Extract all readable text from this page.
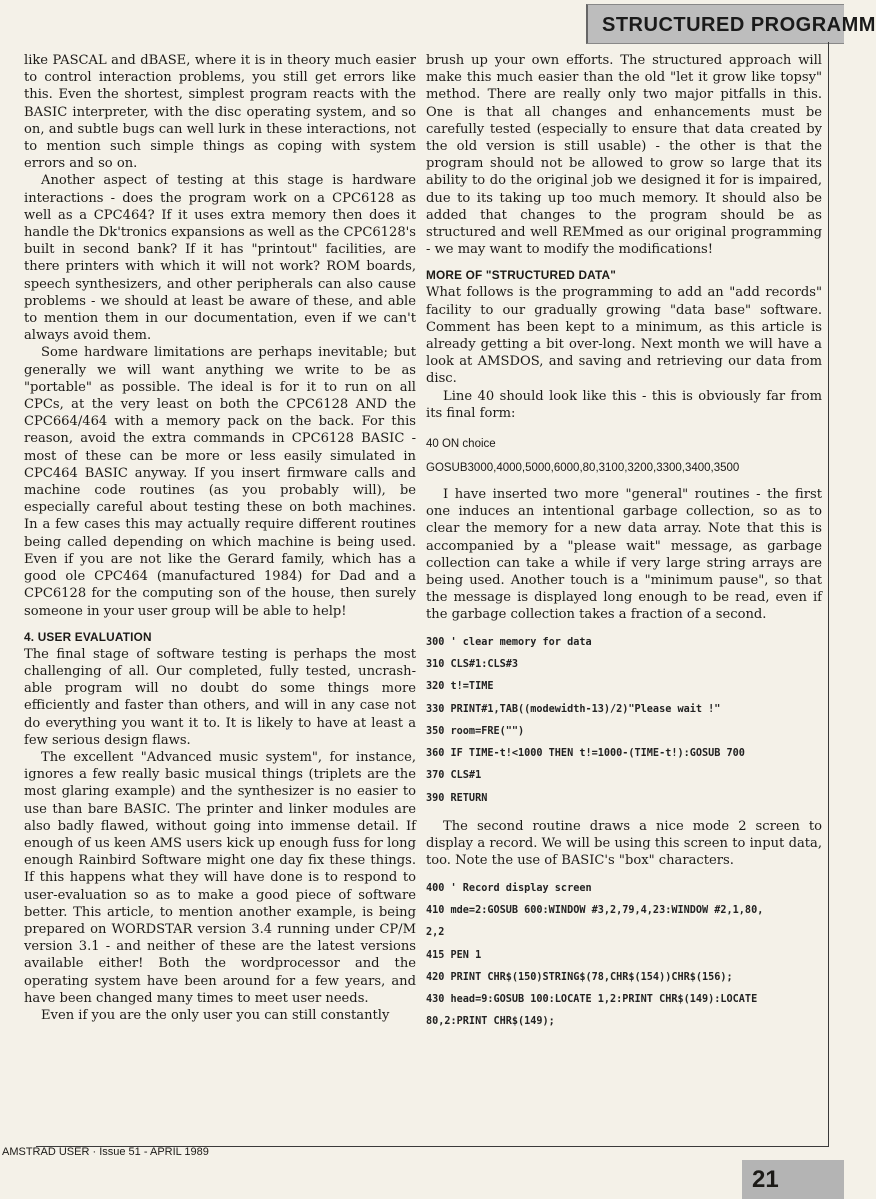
STRUCTURED PROGRAMM

like PASCAL and dBASE, where it is in theory much easier to control interaction problems, you still get errors like this. Even the shortest, simplest program reacts with the BASIC interpreter, with the disc operating system, and so on, and subtle bugs can well lurk in these interactions, not to mention such simple things as coping with system errors and so on.

Another aspect of testing at this stage is hardware interactions - does the program work on a CPC6128 as well as a CPC464? If it uses extra memory then does it handle the Dk'tronics expansions as well as the CPC6128's built in second bank? If it has "printout" facilities, are there printers with which it will not work? ROM boards, speech synthesizers, and other peripherals can also cause problems - we should at least be aware of these, and able to mention them in our documentation, even if we can't always avoid them.

Some hardware limitations are perhaps inevitable; but generally we will want anything we write to be as "portable" as possible. The ideal is for it to run on all CPCs, at the very least on both the CPC6128 AND the CPC664/464 with a memory pack on the back. For this reason, avoid the extra commands in CPC6128 BASIC - most of these can be more or less easily simulated in CPC464 BASIC anyway. If you insert firmware calls and machine code routines (as you probably will), be especially careful about testing these on both machines. In a few cases this may actually require different routines being called depending on which machine is being used. Even if you are not like the Gerard family, which has a good ole CPC464 (manufactured 1984) for Dad and a CPC6128 for the computing son of the house, then surely someone in your user group will be able to help!

4. USER EVALUATION

The final stage of software testing is perhaps the most challenging of all. Our completed, fully tested, uncrash-able program will no doubt do some things more efficiently and faster than others, and will in any case not do everything you want it to. It is likely to have at least a few serious design flaws.

The excellent "Advanced music system", for instance, ignores a few really basic musical things (triplets are the most glaring example) and the synthesizer is no easier to use than bare BASIC. The printer and linker modules are also badly flawed, without going into immense detail. If enough of us keen AMS users kick up enough fuss for long enough Rainbird Software might one day fix these things. If this happens what they will have done is to respond to user-evaluation so as to make a good piece of software better. This article, to mention another example, is being prepared on WORDSTAR version 3.4 running under CP/M version 3.1 - and neither of these are the latest versions available either! Both the wordprocessor and the operating system have been around for a few years, and have been changed many times to meet user needs.

Even if you are the only user you can still constantly

brush up your own efforts. The structured approach will make this much easier than the old "let it grow like topsy" method. There are really only two major pitfalls in this. One is that all changes and enhancements must be carefully tested (especially to ensure that data created by the old version is still usable) - the other is that the program should not be allowed to grow so large that its ability to do the original job we designed it for is impaired, due to its taking up too much memory. It should also be added that changes to the program should be as structured and well REMmed as our original programming - we may want to modify the modifications!

MORE OF "STRUCTURED DATA"

What follows is the programming to add an "add records" facility to our gradually growing "data base" software. Comment has been kept to a minimum, as this article is already getting a bit over-long. Next month we will have a look at AMSDOS, and saving and retrieving our data from disc.

Line 40 should look like this - this is obviously far from its final form:

40 ON choice
GOSUB3000,4000,5000,6000,80,3100,3200,3300,3400,3500

I have inserted two more "general" routines - the first one induces an intentional garbage collection, so as to clear the memory for a new data array. Note that this is accompanied by a "please wait" message, as garbage collection can take a while if very large string arrays are being used. Another touch is a "minimum pause", so that the message is displayed long enough to be read, even if the garbage collection takes a fraction of a second.

300 ' clear memory for data
310 CLS#1:CLS#3
320 t!=TIME
330 PRINT#1,TAB((modewidth-13)/2)"Please wait !"
350 room=FRE("")
360 IF TIME-t!<1000 THEN t!=1000-(TIME-t!):GOSUB 700
370 CLS#1
390 RETURN

The second routine draws a nice mode 2 screen to display a record. We will be using this screen to input data, too. Note the use of BASIC's "box" characters.

400 ' Record display screen
410 mde=2:GOSUB 600:WINDOW #3,2,79,4,23:WINDOW #2,1,80,
2,2
415 PEN 1
420 PRINT CHR$(150)STRING$(78,CHR$(154))CHR$(156);
430 head=9:GOSUB 100:LOCATE 1,2:PRINT CHR$(149):LOCATE
80,2:PRINT CHR$(149);
AMSTRAD USER · Issue 51 - APRIL 1989
21
